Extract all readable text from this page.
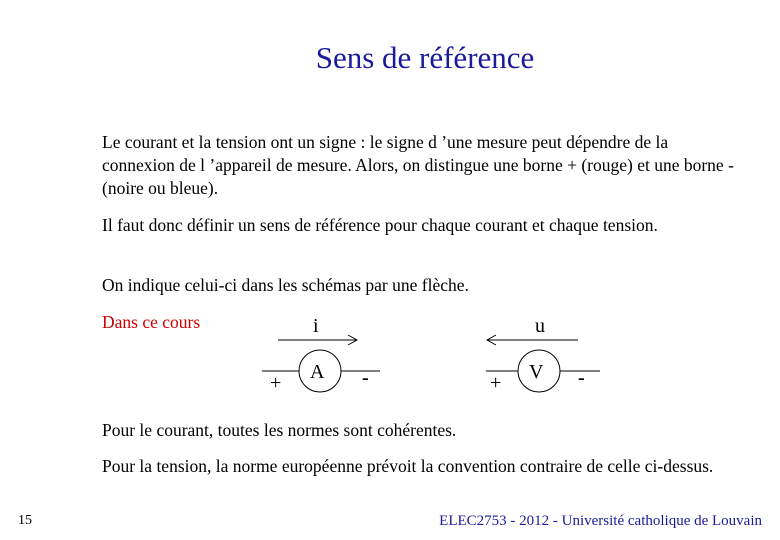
Sens de référence
Le courant et la tension ont un signe : le signe d ’une mesure peut dépendre de la connexion de l ’appareil de mesure. Alors, on distingue une borne + (rouge) et une borne - (noire ou bleue).
Il faut donc définir un sens de référence pour chaque courant et chaque tension.
On indique celui-ci dans les schémas par une flèche.
Dans ce cours	i
A
+	-
u
V
+	-
Pour le courant, toutes les normes sont cohérentes.
Pour la tension, la norme européenne prévoit la convention contraire de celle ci-dessus.
15	ELEC2753 - 2012 - Université catholique de Louvain
